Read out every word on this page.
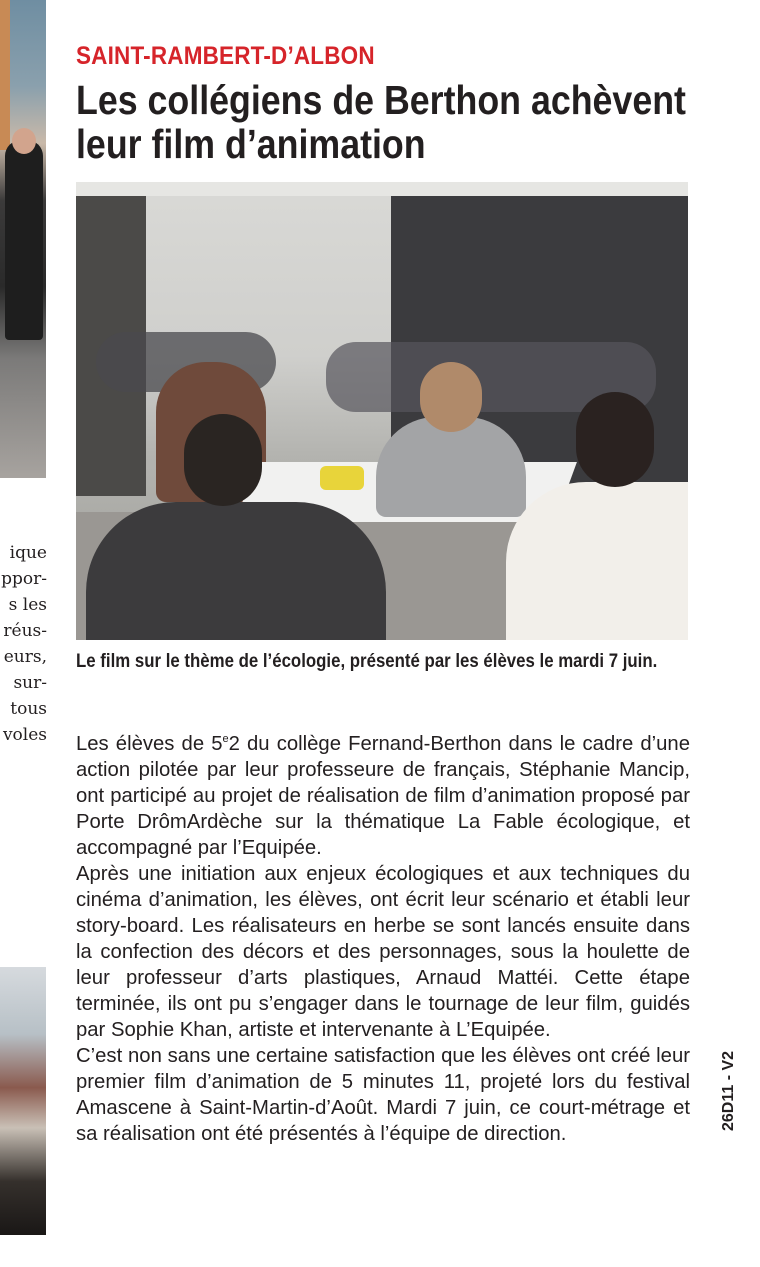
ique
ppor-
s les
réus-
eurs,
sur-
tous
voles
SAINT-RAMBERT-D’ALBON
Les collégiens de Berthon achèvent leur film d’animation
Le film sur le thème de l’écologie, présenté par les élèves le mardi 7 juin.

Les élèves de 5e2 du collège Fernand-Berthon dans le cadre d’une action pilotée par leur professeure de français, Stéphanie Mancip, ont participé au projet de réalisation de film d’animation proposé par Porte DrômArdèche sur la thématique La Fable écologique, et accompagné par l’Equipée.

Après une initiation aux enjeux écologiques et aux techniques du cinéma d’animation, les élèves, ont écrit leur scénario et établi leur story-board. Les réalisateurs en herbe se sont lancés ensuite dans la confection des décors et des personnages, sous la houlette de leur professeur d’arts plastiques, Arnaud Mattéi. Cette étape terminée, ils ont pu s’engager dans le tournage de leur film, guidés par Sophie Khan, artiste et intervenante à L’Equipée.

C’est non sans une certaine satisfaction que les élèves ont créé leur premier film d’animation de 5 minutes 11, projeté lors du festival Amascene à Saint-Martin-d’Août. Mardi 7 juin, ce court-métrage et sa réalisation ont été présentés à l’équipe de direction.

26D11 - V2
